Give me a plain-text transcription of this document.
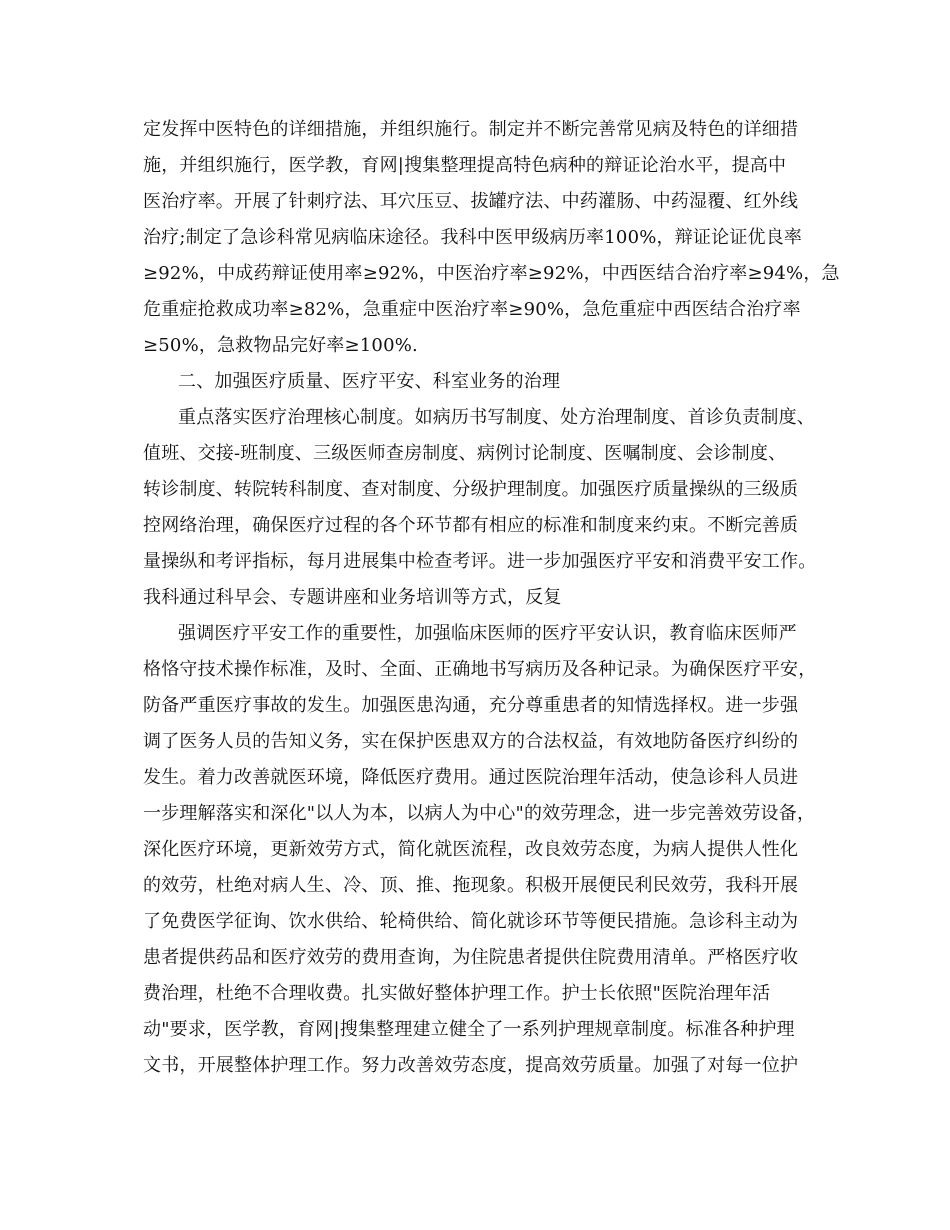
定发挥中医特色的详细措施，并组织施行。制定并不断完善常见病及特色的详细措
施，并组织施行，医学教，育网|搜集整理提高特色病种的辩证论治水平，提高中
医治疗率。开展了针刺疗法、耳穴压豆、拔罐疗法、中药灌肠、中药湿覆、红外线
治疗;制定了急诊科常见病临床途径。我科中医甲级病历率100%，辩证论证优良率
≥92%，中成药辩证使用率≥92%，中医治疗率≥92%，中西医结合治疗率≥94%，急
危重症抢救成功率≥82%，急重症中医治疗率≥90%，急危重症中西医结合治疗率
≥50%，急救物品完好率≥100%.
二、加强医疗质量、医疗平安、科室业务的治理
重点落实医疗治理核心制度。如病历书写制度、处方治理制度、首诊负责制度、
值班、交接-班制度、三级医师查房制度、病例讨论制度、医嘱制度、会诊制度、
转诊制度、转院转科制度、查对制度、分级护理制度。加强医疗质量操纵的三级质
控网络治理，确保医疗过程的各个环节都有相应的标准和制度来约束。不断完善质
量操纵和考评指标，每月进展集中检查考评。进一步加强医疗平安和消费平安工作。
我科通过科早会、专题讲座和业务培训等方式，反复
强调医疗平安工作的重要性，加强临床医师的医疗平安认识，教育临床医师严
格恪守技术操作标准，及时、全面、正确地书写病历及各种记录。为确保医疗平安，
防备严重医疗事故的发生。加强医患沟通，充分尊重患者的知情选择权。进一步强
调了医务人员的告知义务，实在保护医患双方的合法权益，有效地防备医疗纠纷的
发生。着力改善就医环境，降低医疗费用。通过医院治理年活动，使急诊科人员进
一步理解落实和深化"以人为本，以病人为中心"的效劳理念，进一步完善效劳设备，
深化医疗环境，更新效劳方式，简化就医流程，改良效劳态度，为病人提供人性化
的效劳，杜绝对病人生、冷、顶、推、拖现象。积极开展便民利民效劳，我科开展
了免费医学征询、饮水供给、轮椅供给、简化就诊环节等便民措施。急诊科主动为
患者提供药品和医疗效劳的费用查询，为住院患者提供住院费用清单。严格医疗收
费治理，杜绝不合理收费。扎实做好整体护理工作。护士长依照"医院治理年活
动"要求，医学教，育网|搜集整理建立健全了一系列护理规章制度。标准各种护理
文书，开展整体护理工作。努力改善效劳态度，提高效劳质量。加强了对每一位护
